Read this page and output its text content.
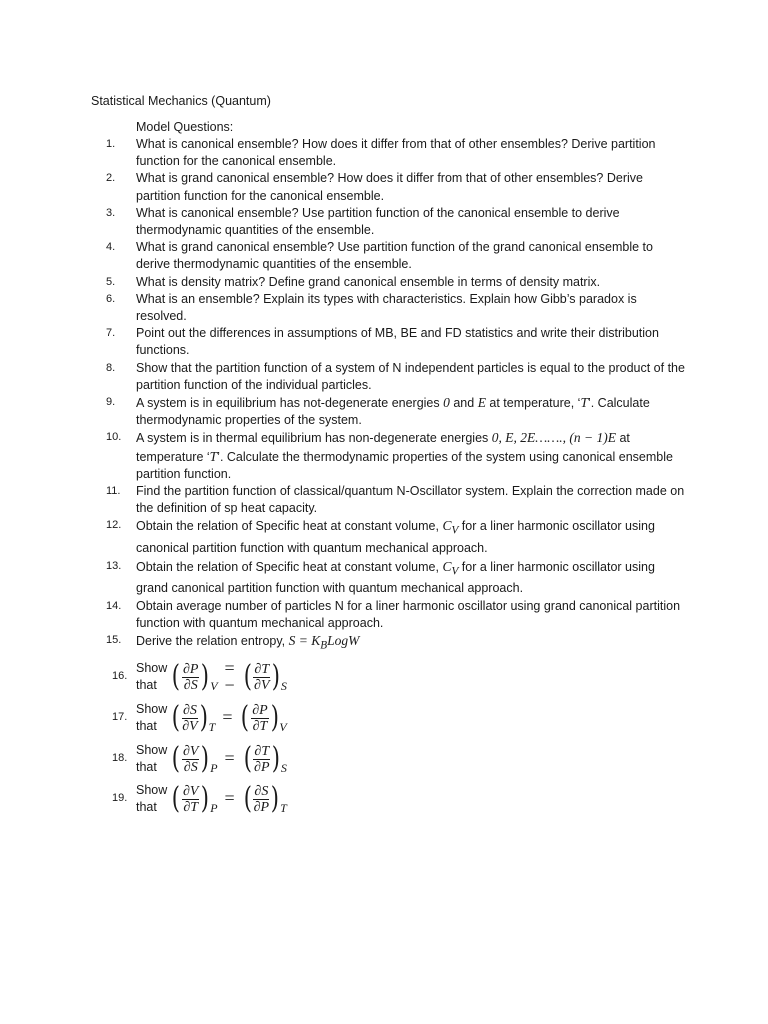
Statistical Mechanics (Quantum)
Model Questions:
1.	What is canonical ensemble? How does it differ from that of other ensembles? Derive partition function for the canonical ensemble.
2.	What is grand canonical ensemble? How does it differ from that of other ensembles? Derive partition function for the canonical ensemble.
3.	What is canonical ensemble? Use partition function of the canonical ensemble to derive thermodynamic quantities of the ensemble.
4.	What is grand canonical ensemble? Use partition function of the grand canonical ensemble to derive thermodynamic quantities of the ensemble.
5.	What is density matrix? Define grand canonical ensemble in terms of density matrix.
6.	What is an ensemble? Explain its types with characteristics. Explain how Gibb’s paradox is resolved.
7.	Point out the differences in assumptions of MB, BE and FD statistics and write their distribution functions.
8.	Show that the partition function of a system of N independent particles is equal to the product of the partition function of the individual particles.
9.	A system is in equilibrium has not-degenerate energies 0 and E at temperature, ‘T’. Calculate thermodynamic properties of the system.
10.	A system is in thermal equilibrium has non-degenerate energies 0, E, 2E……., (n − 1)E at temperature ‘T’. Calculate the thermodynamic properties of the system using canonical ensemble partition function.
11.	Find the partition function of classical/quantum N-Oscillator system. Explain the correction made on the definition of sp heat capacity.
12.	Obtain the relation of Specific heat at constant volume, $C_V$ for a liner harmonic oscillator using canonical partition function with quantum mechanical approach.
13.	Obtain the relation of Specific heat at constant volume, $C_V$ for a liner harmonic oscillator using grand canonical partition function with quantum mechanical approach.
14.	Obtain average number of particles N for a liner harmonic oscillator using grand canonical partition function with quantum mechanical approach.
15.	Derive the relation entropy, $S = K_BLogW$
16.
Show that ( $\frac{\partial P}{\partial S}$ ) V
= − ( $\frac{\partial T}{\partial V}$ ) S
17.
Show that ( $\frac{\partial S}{\partial V}$ ) T = ( $\frac{\partial P}{\partial T}$ ) V
18.
Show that ( $\frac{\partial V}{\partial S}$ ) P = ( $\frac{\partial T}{\partial P}$ ) S
19.
Show that ( $\frac{\partial V}{\partial T}$ ) P = ( $\frac{\partial S}{\partial P}$ ) T
